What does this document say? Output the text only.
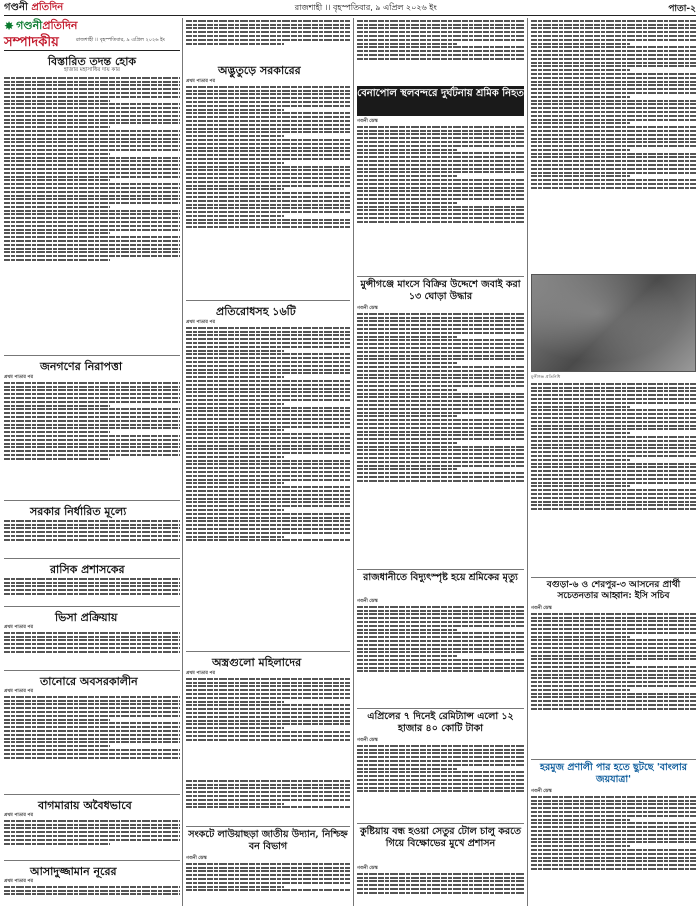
গণ্ডনী প্রতিদিন	রাজশাহী ।। বৃহস্পতিবার, ৯ এপ্রিল ২০২৬ ইং	পাতা-২
✸ গণ্ডনী প্রতিদিন
সম্পাদকীয়	রাজশাহী ।। বৃহস্পতিবার, ৯ এপ্রিল ২০২৬ ইং
বিস্তারিত তদন্ত হোক
হাজার মহাসাধির দায় কার
জনগণের নিরাপত্তা
প্রথম পাতার পর
সরকার নির্ধারিত মূল্যে
রাসিক প্রশাসকের
ভিসা প্রক্রিয়ায়
প্রথম পাতার পর
তানোরে অবসরকালীন
প্রথম পাতার পর
বাগমারায় অবৈধভাবে
প্রথম পাতার পর
আসাদুজ্জামান নূরের
প্রথম পাতার পর
অদ্ভুতুড়ে সরকারের
প্রথম পাতার পর
প্রতিরোধসহ ১৬টি
প্রথম পাতার পর
অস্ত্রগুলো মহিলাদের
প্রথম পাতার পর
সংকটে লাউয়াছড়া জাতীয় উদ্যান, নিশ্চিহ্ন বন বিভাগ
গণ্ডনী ডেস্ক
বেনাপোল স্থলবন্দরে দুর্ঘটনায় শ্রমিক নিহত
গণ্ডনী ডেস্ক
মুন্সীগঞ্জে মাংসে বিক্রির উদ্দেশে জবাই করা ১৩ ঘোড়া উদ্ধার
গণ্ডনী ডেস্ক
রাজধানীতে বিদ্যুৎস্পৃষ্ট হয়ে শ্রমিকের মৃত্যু
গণ্ডনী ডেস্ক
এপ্রিলের ৭ দিনেই রেমিট্যান্স এলো ১২ হাজার ৪০ কোটি টাকা
গণ্ডনী ডেস্ক
কুষ্টিয়ায় বন্ধ হওয়া সেতুর টোল চালু করতে গিয়ে বিক্ষোভের মুখে প্রশাসন
গণ্ডনী ডেস্ক
মুন্সীগঞ্জ প্রতিনিধি
বগুড়া-৬ ও শেরপুর-৩ আসনের প্রার্থী সচেতনতার আহ্বান: ইসি সচিব
গণ্ডনী ডেস্ক
হরমুজ প্রণালী পার হতে ছুটছে 'বাংলার জয়যাত্রা'
গণ্ডনী ডেস্ক
